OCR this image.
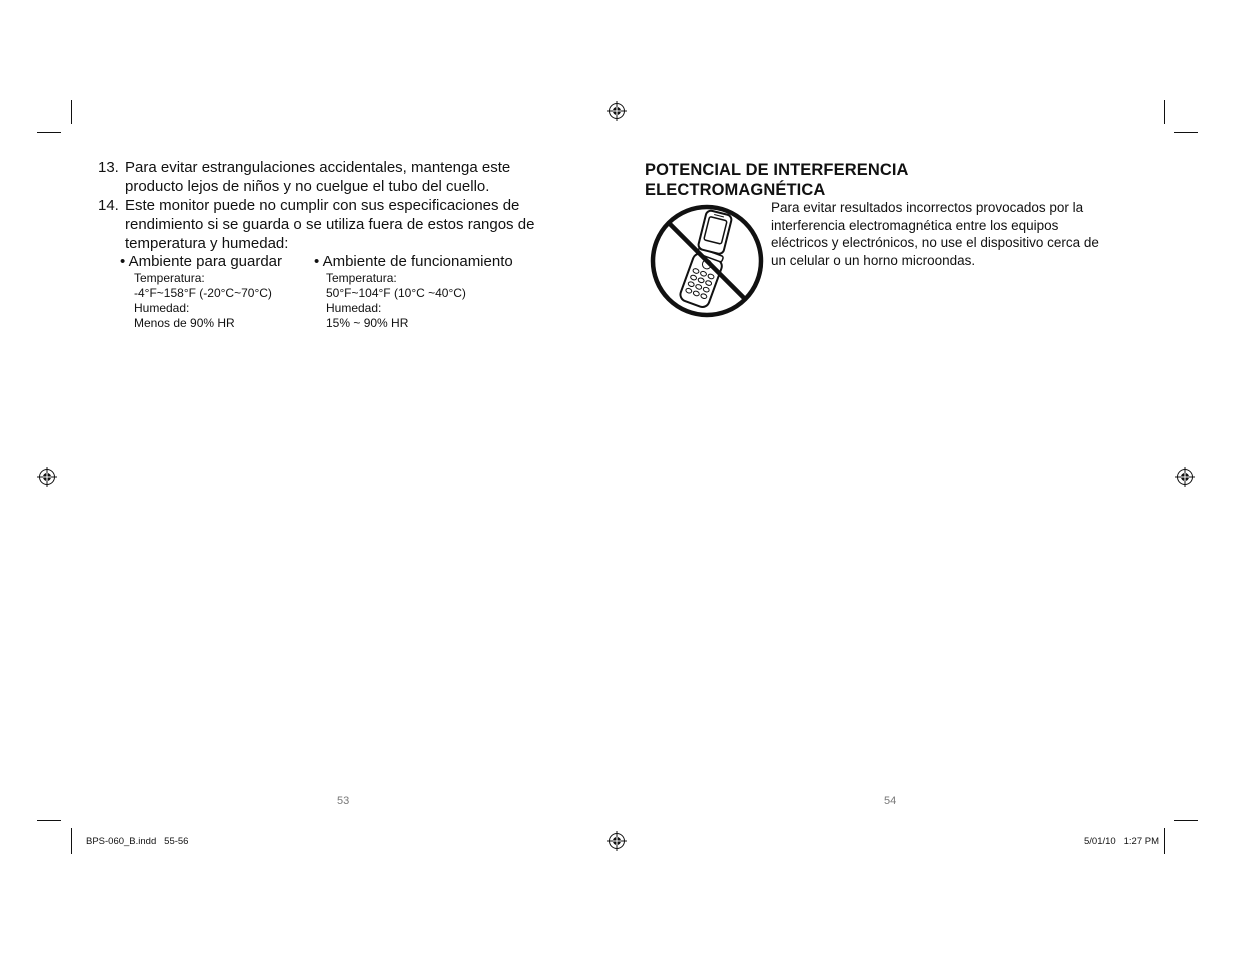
13. Para evitar estrangulaciones accidentales, mantenga este producto lejos de niños y no cuelgue el tubo del cuello.
14. Este monitor puede no cumplir con sus especificaciones de rendimiento si se guarda o se utiliza fuera de estos rangos de temperatura y humedad:
• Ambiente para guardar
Temperatura:
-4°F~158°F (-20°C~70°C)
Humedad:
Menos de 90% HR
• Ambiente de funcionamiento
Temperatura:
50°F~104°F (10°C ~40°C)
Humedad:
15% ~ 90% HR
53
POTENCIAL DE INTERFERENCIA
ELECTROMAGNÉTICA
Para evitar resultados incorrectos provocados por la interferencia electromagnética entre los equipos eléctricos y electrónicos, no use el dispositivo cerca de un celular o un horno microondas.
54
BPS-060_B.indd   55-56	5/01/10   1:27 PM
